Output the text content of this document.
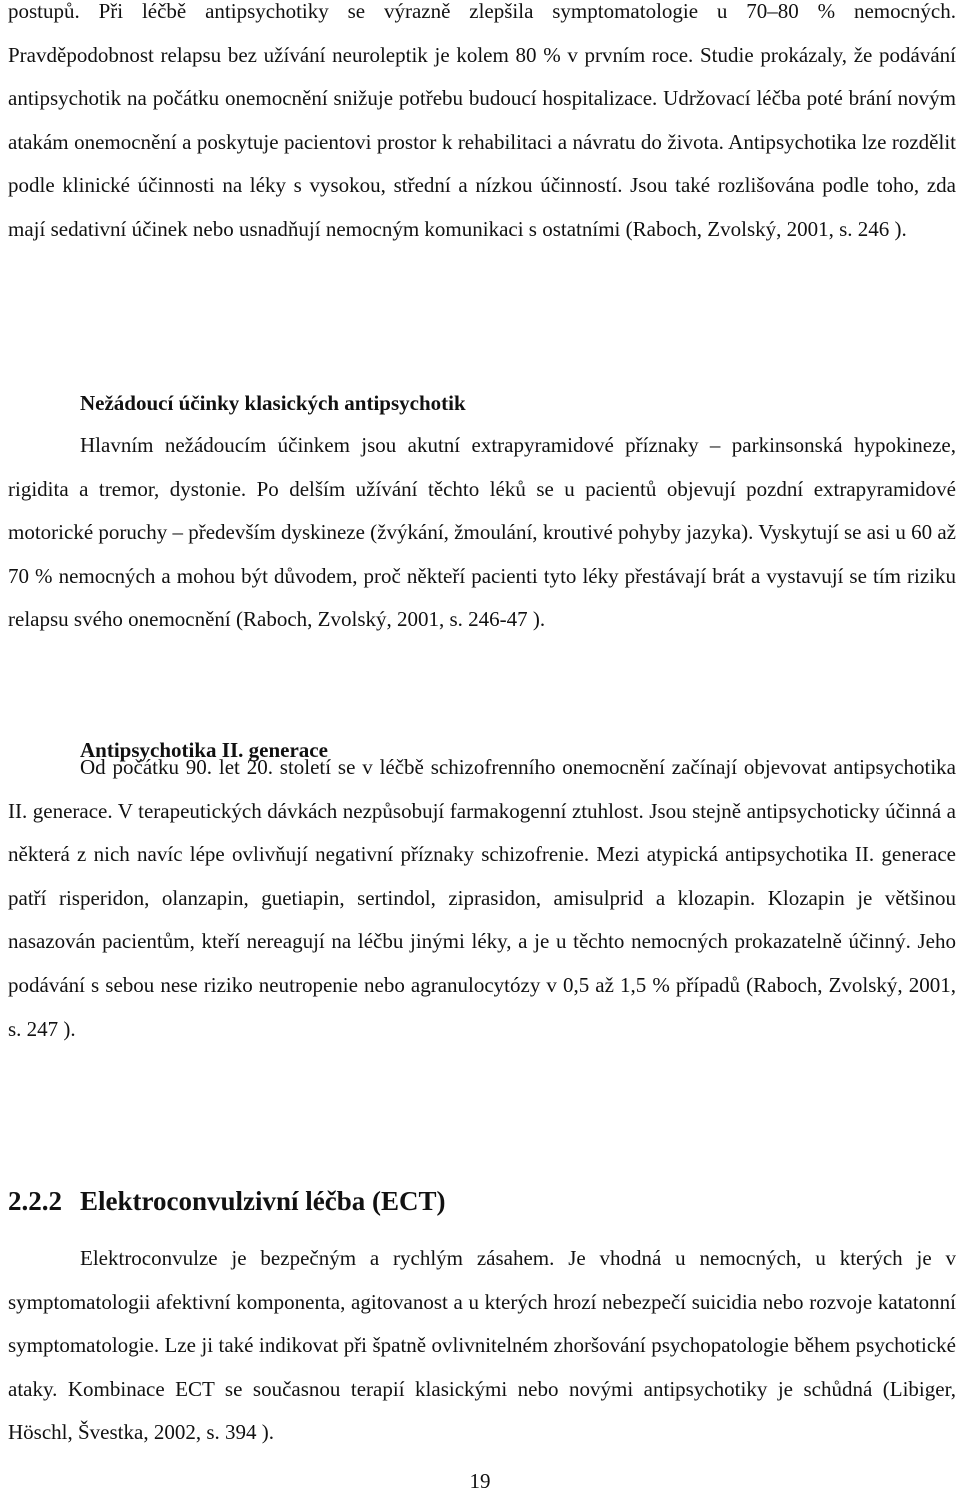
postupů. Při léčbě antipsychotiky se výrazně zlepšila symptomatologie u 70–80 % nemocných. Pravděpodobnost relapsu bez užívání neuroleptik je kolem 80 % v prvním roce. Studie prokázaly, že podávání antipsychotik na počátku onemocnění snižuje potřebu budoucí hospitalizace. Udržovací léčba poté brání novým atakám onemocnění a poskytuje pacientovi prostor k rehabilitaci a návratu do života. Antipsychotika lze rozdělit podle klinické účinnosti na léky s vysokou, střední a nízkou účinností. Jsou také rozlišována podle toho, zda mají sedativní účinek nebo usnadňují nemocným komunikaci s ostatními (Raboch, Zvolský, 2001, s. 246 ).

Nežádoucí účinky klasických antipsychotik

Hlavním nežádoucím účinkem jsou akutní extrapyramidové příznaky – parkinsonská hypokineze, rigidita a tremor, dystonie. Po delším užívání těchto léků se u pacientů objevují pozdní extrapyramidové motorické poruchy – především dyskineze (žvýkání, žmoulání, kroutivé pohyby jazyka). Vyskytují se asi u 60 až 70 % nemocných a mohou být důvodem, proč někteří pacienti tyto léky přestávají brát a vystavují se tím riziku relapsu svého onemocnění (Raboch, Zvolský, 2001, s. 246-47 ).

Antipsychotika II. generace

Od počátku 90. let 20. století se v léčbě schizofrenního onemocnění začínají objevovat antipsychotika II. generace. V terapeutických dávkách nezpůsobují farmakogenní ztuhlost. Jsou stejně antipsychoticky účinná a některá z nich navíc lépe ovlivňují negativní příznaky schizofrenie. Mezi atypická antipsychotika II. generace patří risperidon, olanzapin, guetiapin, sertindol, ziprasidon, amisulprid a klozapin. Klozapin je většinou nasazován pacientům, kteří nereagují na léčbu jinými léky, a je u těchto nemocných prokazatelně účinný. Jeho podávání s sebou nese riziko neutropenie nebo agranulocytózy v 0,5 až 1,5 % případů (Raboch, Zvolský, 2001, s. 247 ).

2.2.2 Elektroconvulzivní léčba (ECT)

Elektroconvulze je bezpečným a rychlým zásahem. Je vhodná u nemocných, u kterých je v symptomatologii afektivní komponenta, agitovanost a u kterých hrozí nebezpečí suicidia nebo rozvoje katatonní symptomatologie. Lze ji také indikovat při špatně ovlivnitelném zhoršování psychopatologie během psychotické ataky. Kombinace ECT se současnou terapií klasickými nebo novými antipsychotiky je schůdná (Libiger, Höschl, Švestka, 2002, s. 394 ).

19
